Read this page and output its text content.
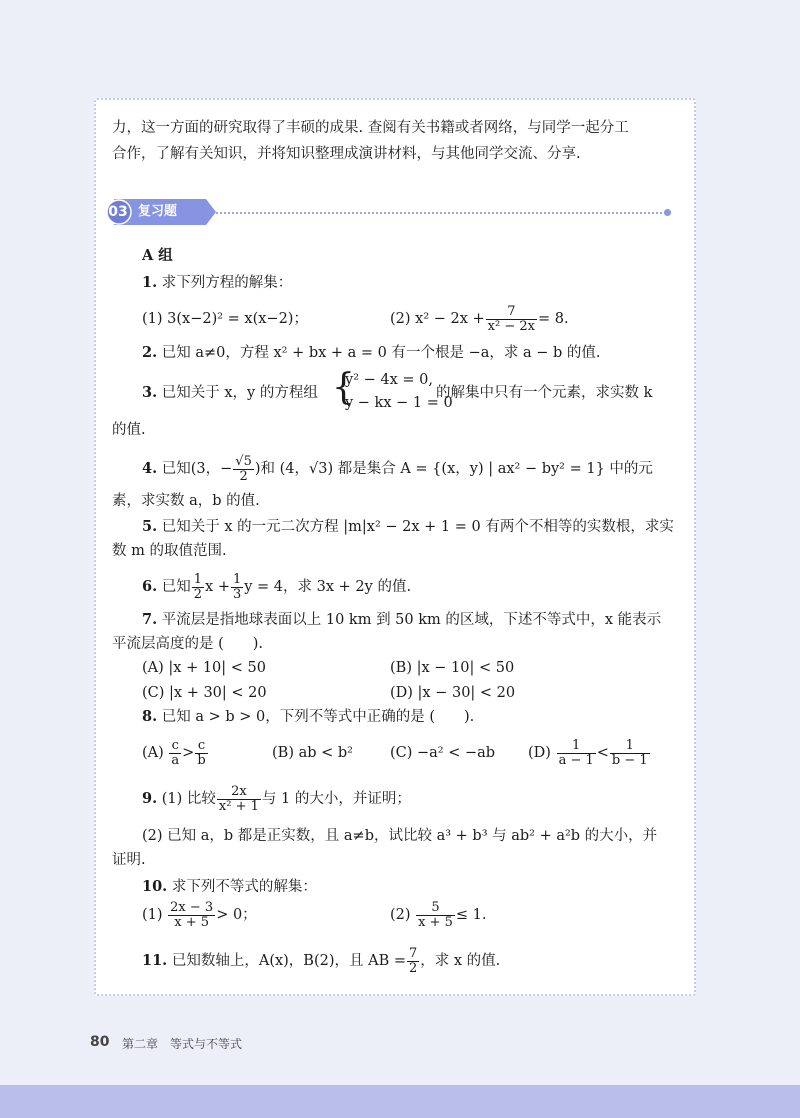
力，这一方面的研究取得了丰硕的成果. 查阅有关书籍或者网络，与同学一起分工
合作，了解有关知识，并将知识整理成演讲材料，与其他同学交流、分享.
03 复习题
A 组
1. 求下列方程的解集：
(1) 3(x−2)² = x(x−2)；	(2) $x^2 - 2x + \frac{7}{\text{x² − 2x}} = 8$.
2. 已知 a≠0，方程 x² + bx + a = 0 有一个根是 −a，求 a − b 的值.
3. 已知关于 x，y 的方程组 {
y² − 4x = 0,
y − kx − 1 = 0
的解集中只有一个元素，求实数 k
的值.
4. 已知(3，− $\frac{√5}{2}$ )和 (4，√3) 都是集合 A = {(x，y) | ax² − by² = 1} 中的元
素，求实数 a，b 的值.
5. 已知关于 x 的一元二次方程 |m|x² − 2x + 1 = 0 有两个不相等的实数根，求实
数 m 的取值范围.
6. 已知 $\frac{1}{2}$ $x + \frac{1}{3}$ y = 4，求 3x + 2y 的值.
7. 平流层是指地球表面以上 10 km 到 50 km 的区域，下述不等式中，x 能表示
平流层高度的是 (　　).
(A) |x + 10| < 50	(B) |x − 10| < 50
(C) |x + 30| < 20	(D) |x − 30| < 20
8. 已知 a > b > 0，下列不等式中正确的是 (　　).
$(A) \frac{c}{a} > \frac{c}{b}$	(B) ab < b²	(C) −a² < −ab $(D) \frac{1}{a - 1} < \frac{1}{b - 1}$
9. (1) 比较 $\frac{2x}{\text{x² + 1}}$ 与 1 的大小，并证明；
(2) 已知 a，b 都是正实数，且 a≠b，试比较 a³ + b³ 与 ab² + a²b 的大小，并
证明.
10. 求下列不等式的解集：
$(1) \frac{2x - 3}{x + 5} > 0$；	$(2) \frac{5}{x + 5} \le 1$.
11. 已知数轴上，A(x)，B(2)，且 AB = $\frac{7}{2}$ ，求 x 的值.
80 第二章　等式与不等式
